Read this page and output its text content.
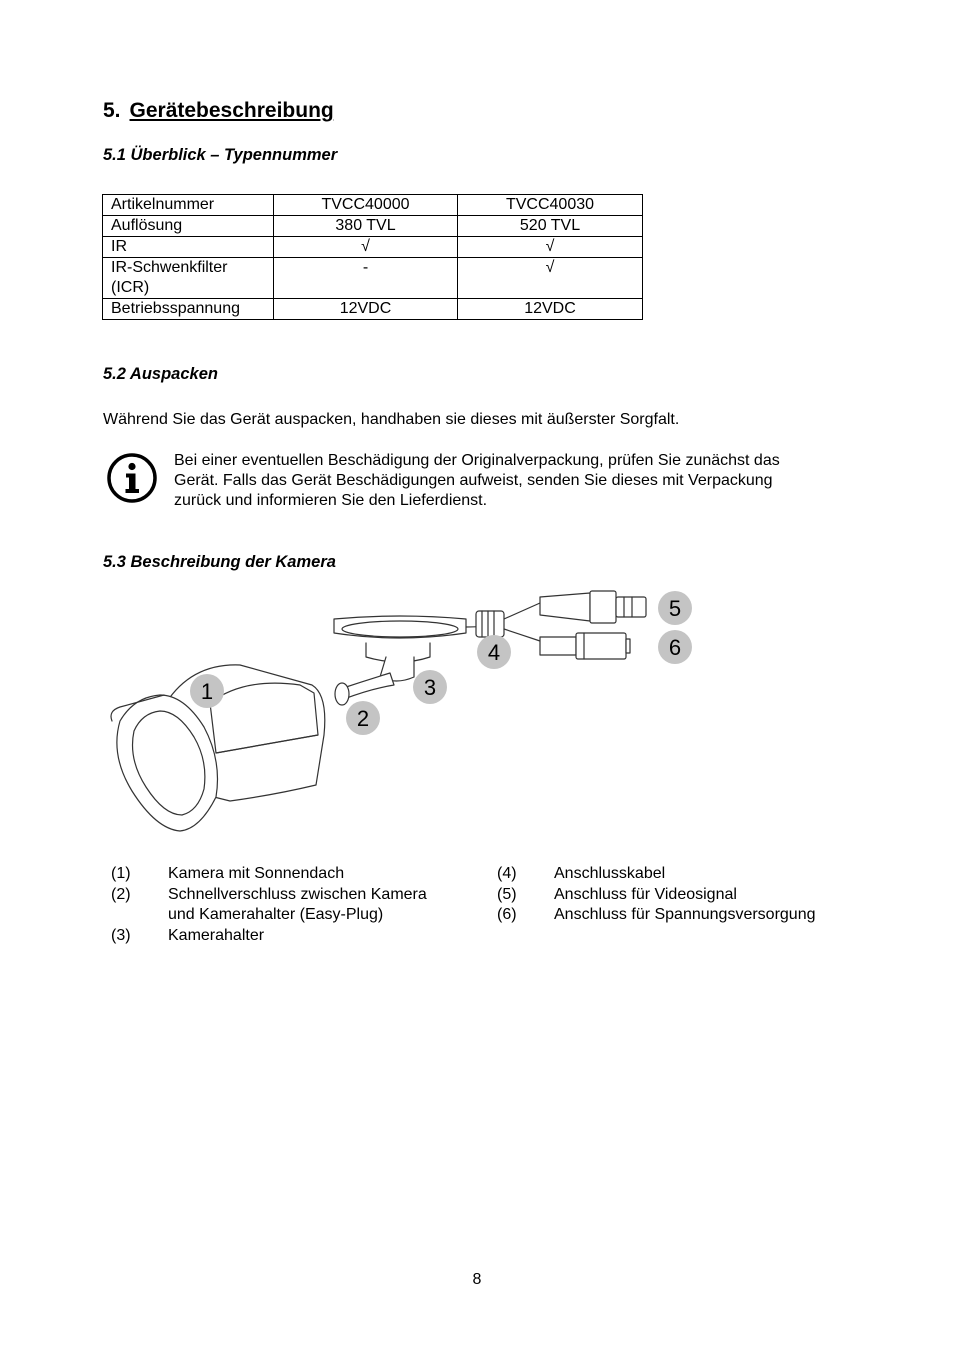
5. Gerätebeschreibung
5.1 Überblick – Typennummer
Artikelnummer	TVCC40000	TVCC40030
Auflösung	380 TVL	520 TVL
IR	√	√
IR-Schwenkfilter (ICR)	-	√
Betriebsspannung	12VDC	12VDC
5.2 Auspacken
Während Sie das Gerät auspacken, handhaben sie dieses mit äußerster Sorgfalt.
Bei einer eventuellen Beschädigung der Originalverpackung, prüfen Sie zunächst das
Gerät. Falls das Gerät Beschädigungen aufweist, senden Sie dieses mit Verpackung
zurück und informieren Sie den Lieferdienst.
5.3 Beschreibung der Kamera
1
2
3
4
5
6
(1) Kamera mit Sonnendach
(2) Schnellverschluss zwischen Kamera
und Kamerahalter (Easy-Plug)
(3) Kamerahalter
(4) Anschlusskabel
(5) Anschluss für Videosignal
(6) Anschluss für Spannungsversorgung
8
